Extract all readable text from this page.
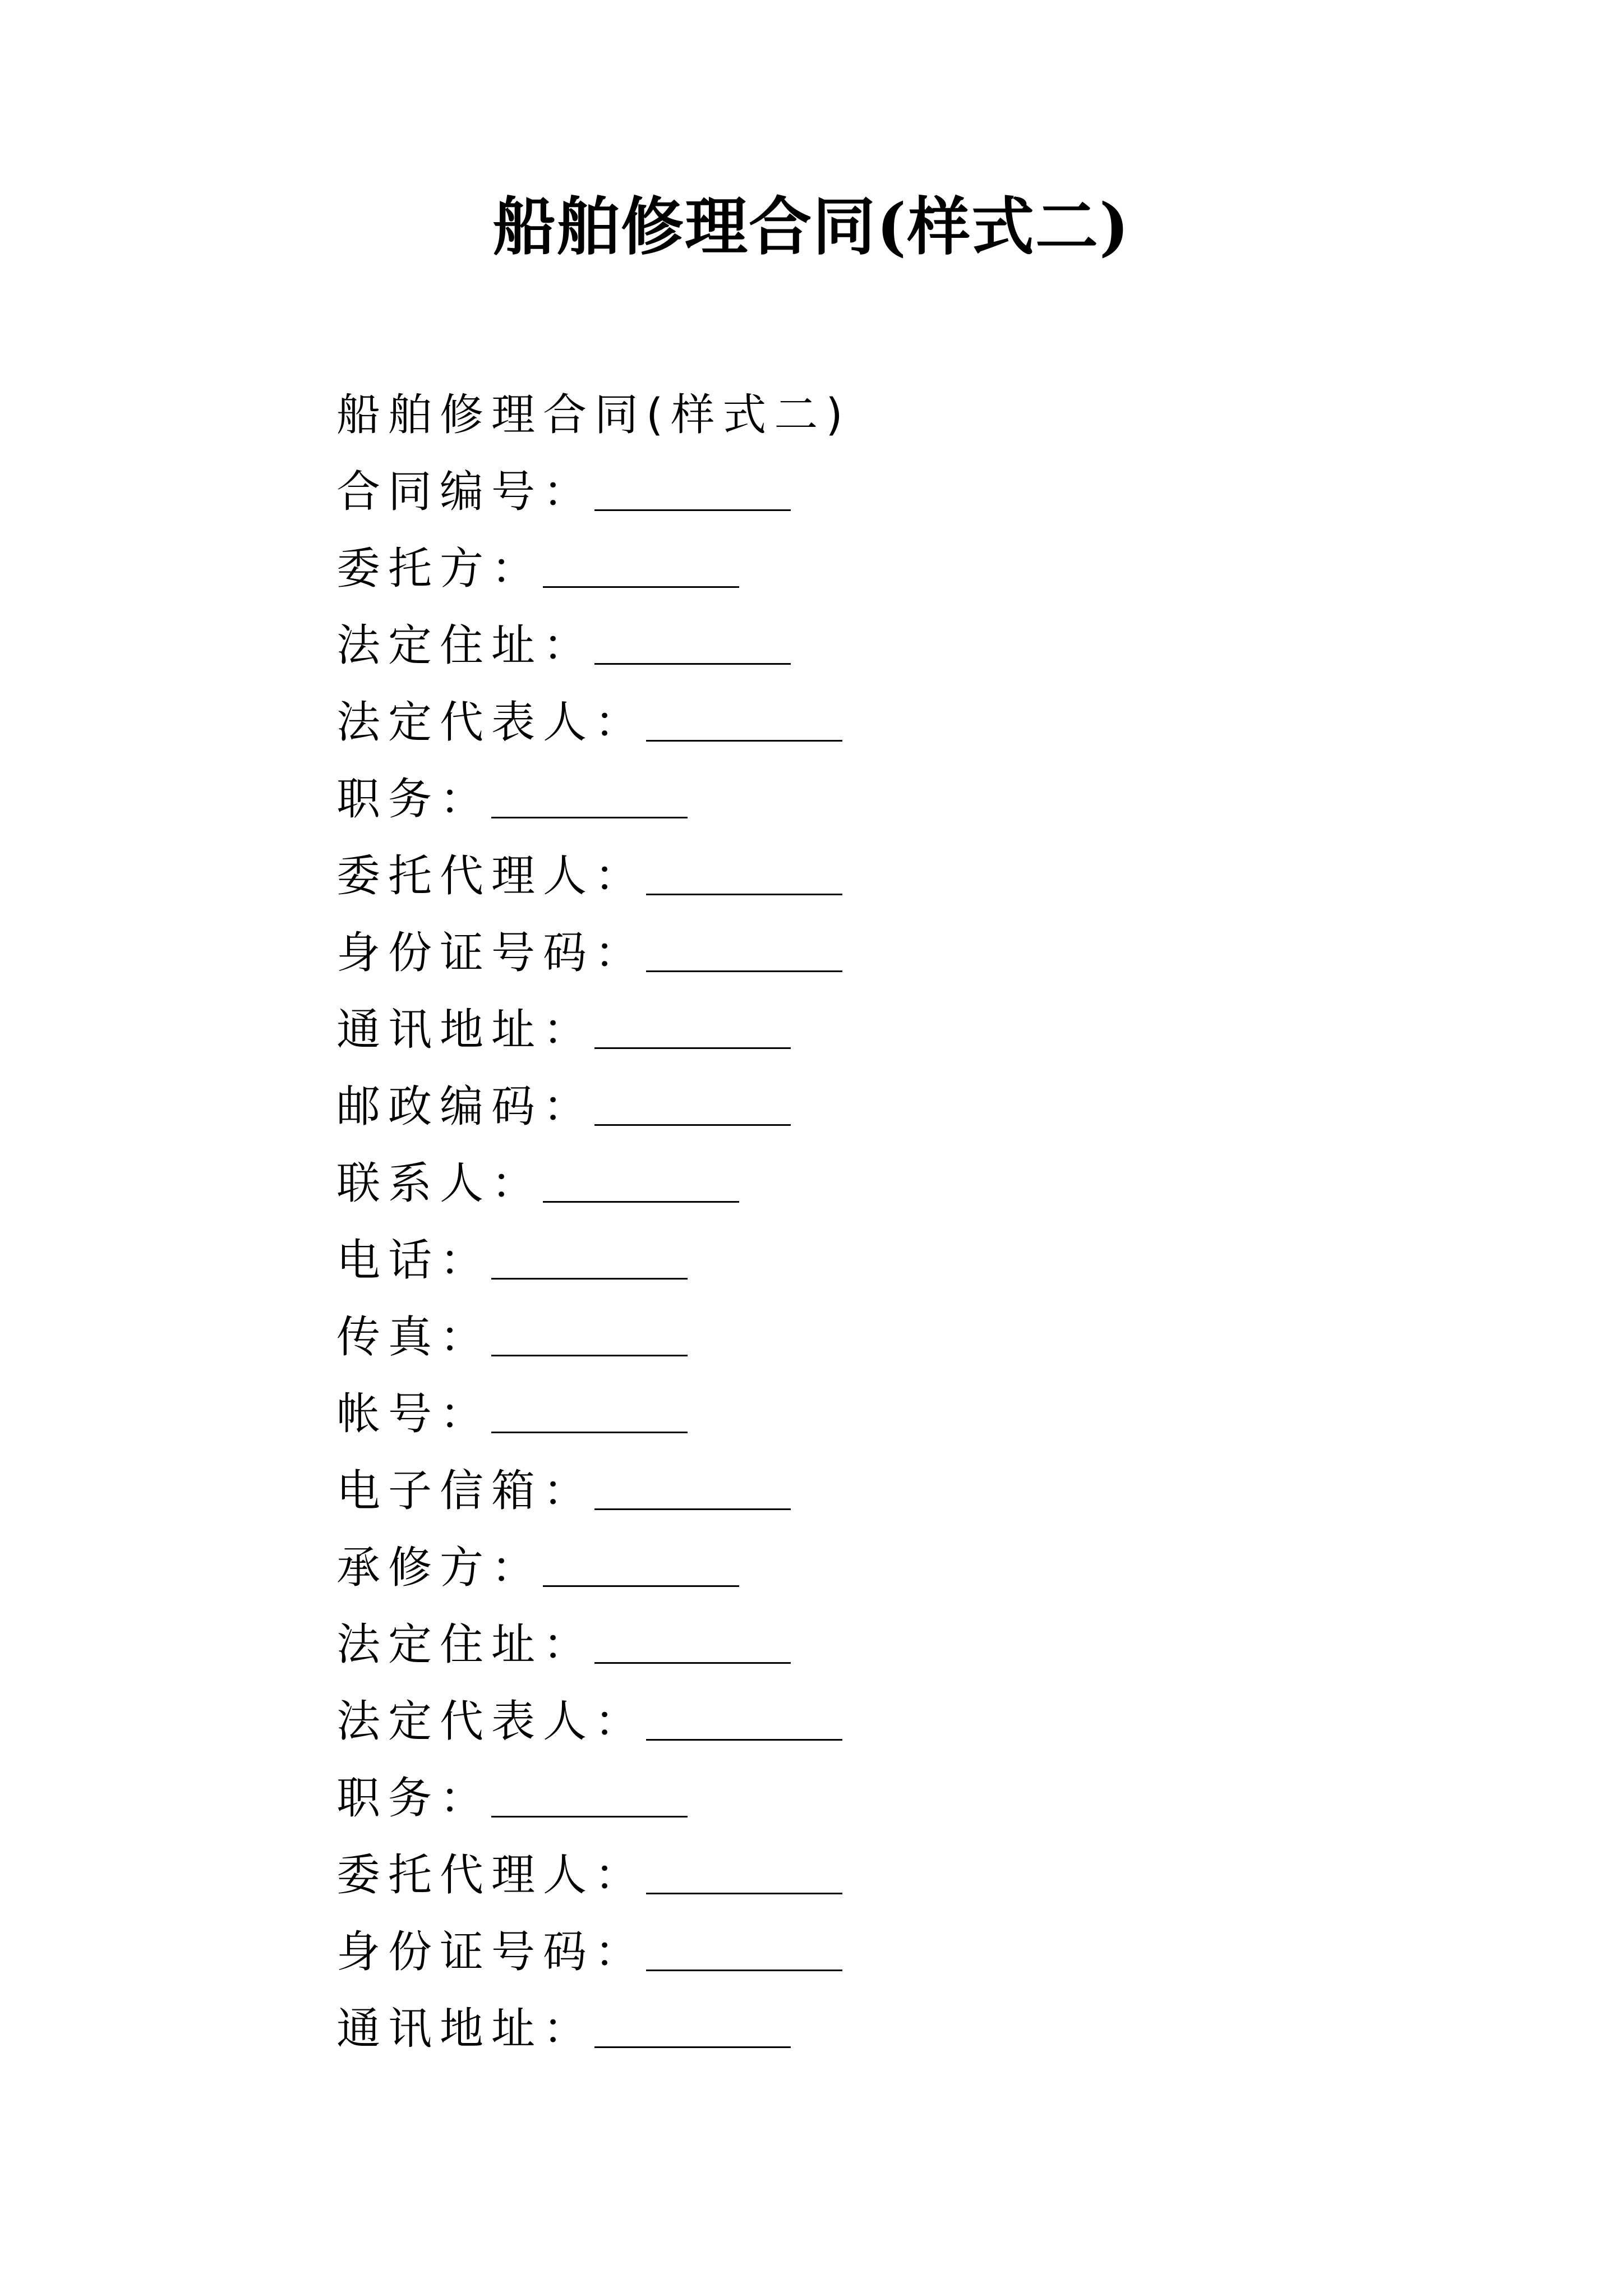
船舶修理合同(样式二)
船舶修理合同(样式二)
合同编号：
委托方：
法定住址：
法定代表人：
职务：
委托代理人：
身份证号码：
通讯地址：
邮政编码：
联系人：
电话：
传真：
帐号：
电子信箱：
承修方：
法定住址：
法定代表人：
职务：
委托代理人：
身份证号码：
通讯地址：
